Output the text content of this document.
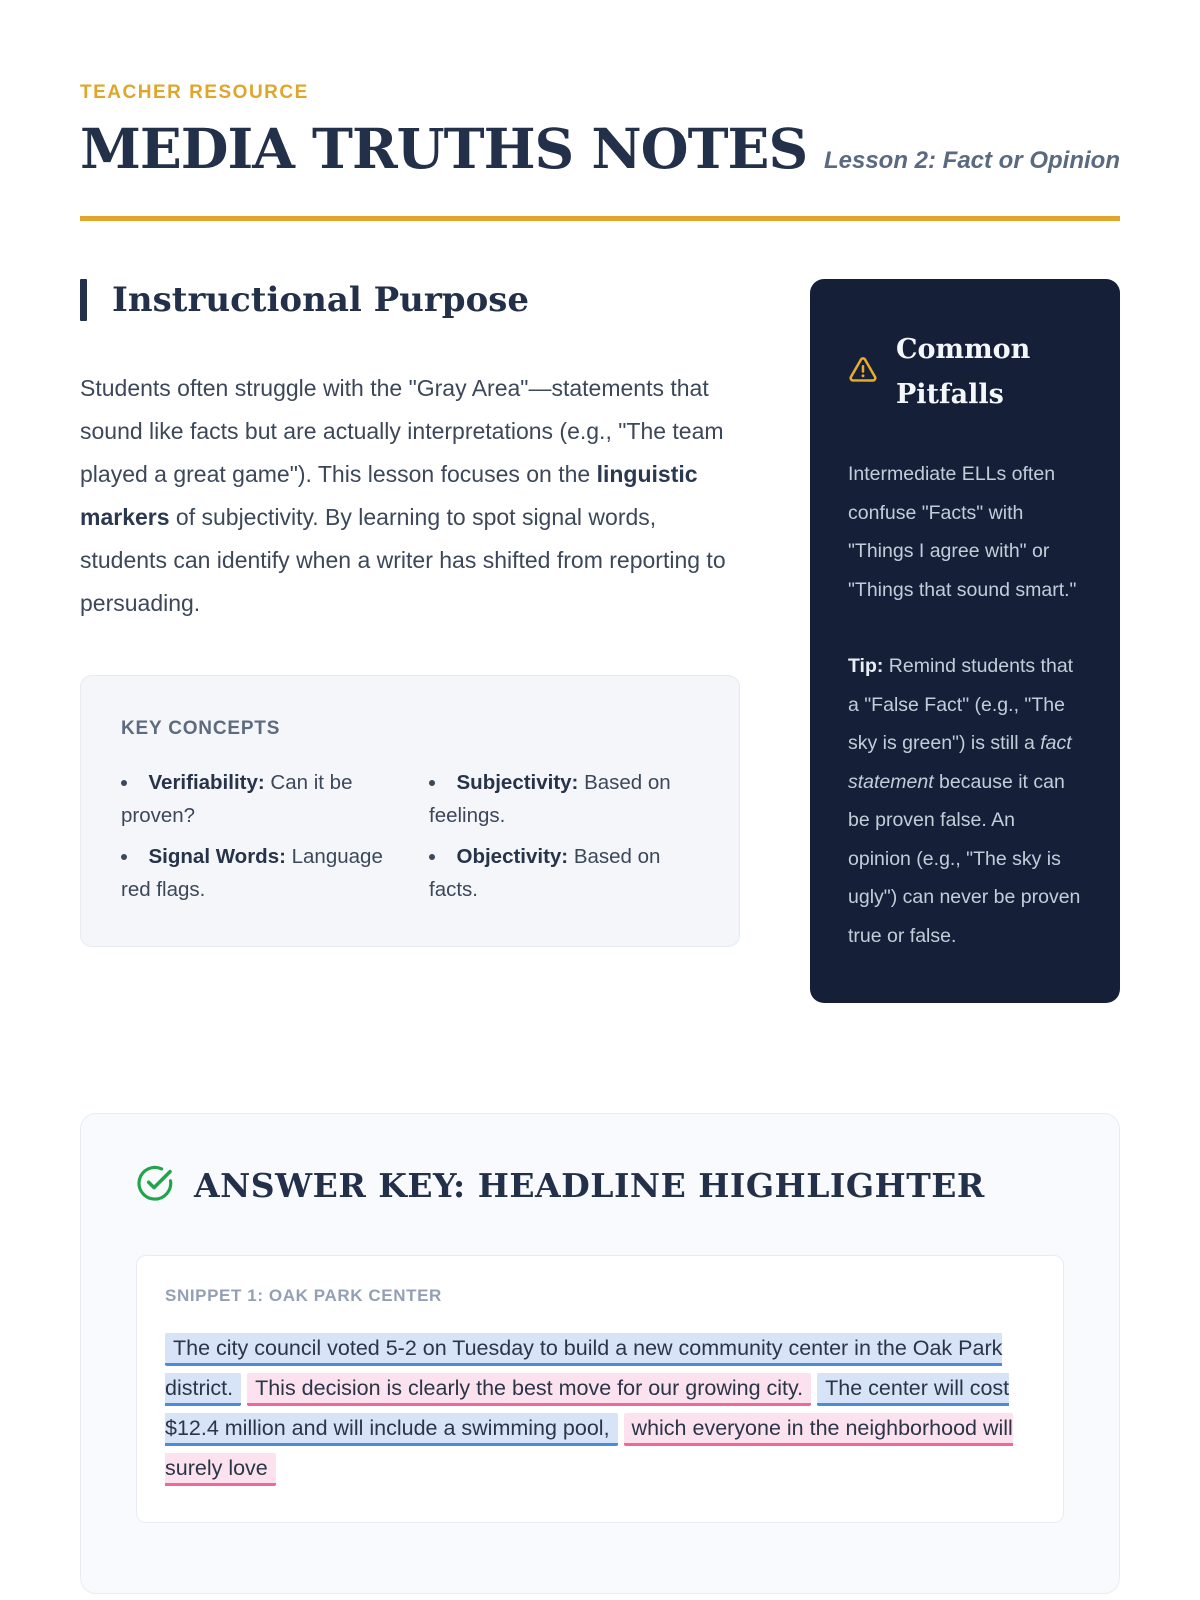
TEACHER RESOURCE
MEDIA TRUTHS NOTES Lesson 2: Fact or Opinion
Instructional Purpose

Students often struggle with the "Gray Area"—statements that sound like facts but are actually interpretations (e.g., "The team played a great game"). This lesson focuses on the linguistic markers of subjectivity. By learning to spot signal words, students can identify when a writer has shifted from reporting to persuading.

KEY CONCEPTS
• Verifiability: Can it be proven?
• Signal Words: Language red flags.
• Subjectivity: Based on feelings.
• Objectivity: Based on facts.
Common Pitfalls

Intermediate ELLs often confuse "Facts" with "Things I agree with" or "Things that sound smart."

Tip: Remind students that a "False Fact" (e.g., "The sky is green") is still a fact statement because it can be proven false. An opinion (e.g., "The sky is ugly") can never be proven true or false.

ANSWER KEY: HEADLINE HIGHLIGHTER
SNIPPET 1: OAK PARK CENTER

The city council voted 5-2 on Tuesday to build a new community center in the Oak Park district. This decision is clearly the best move for our growing city. The center will cost $12.4 million and will include a swimming pool, which everyone in the neighborhood will surely love
